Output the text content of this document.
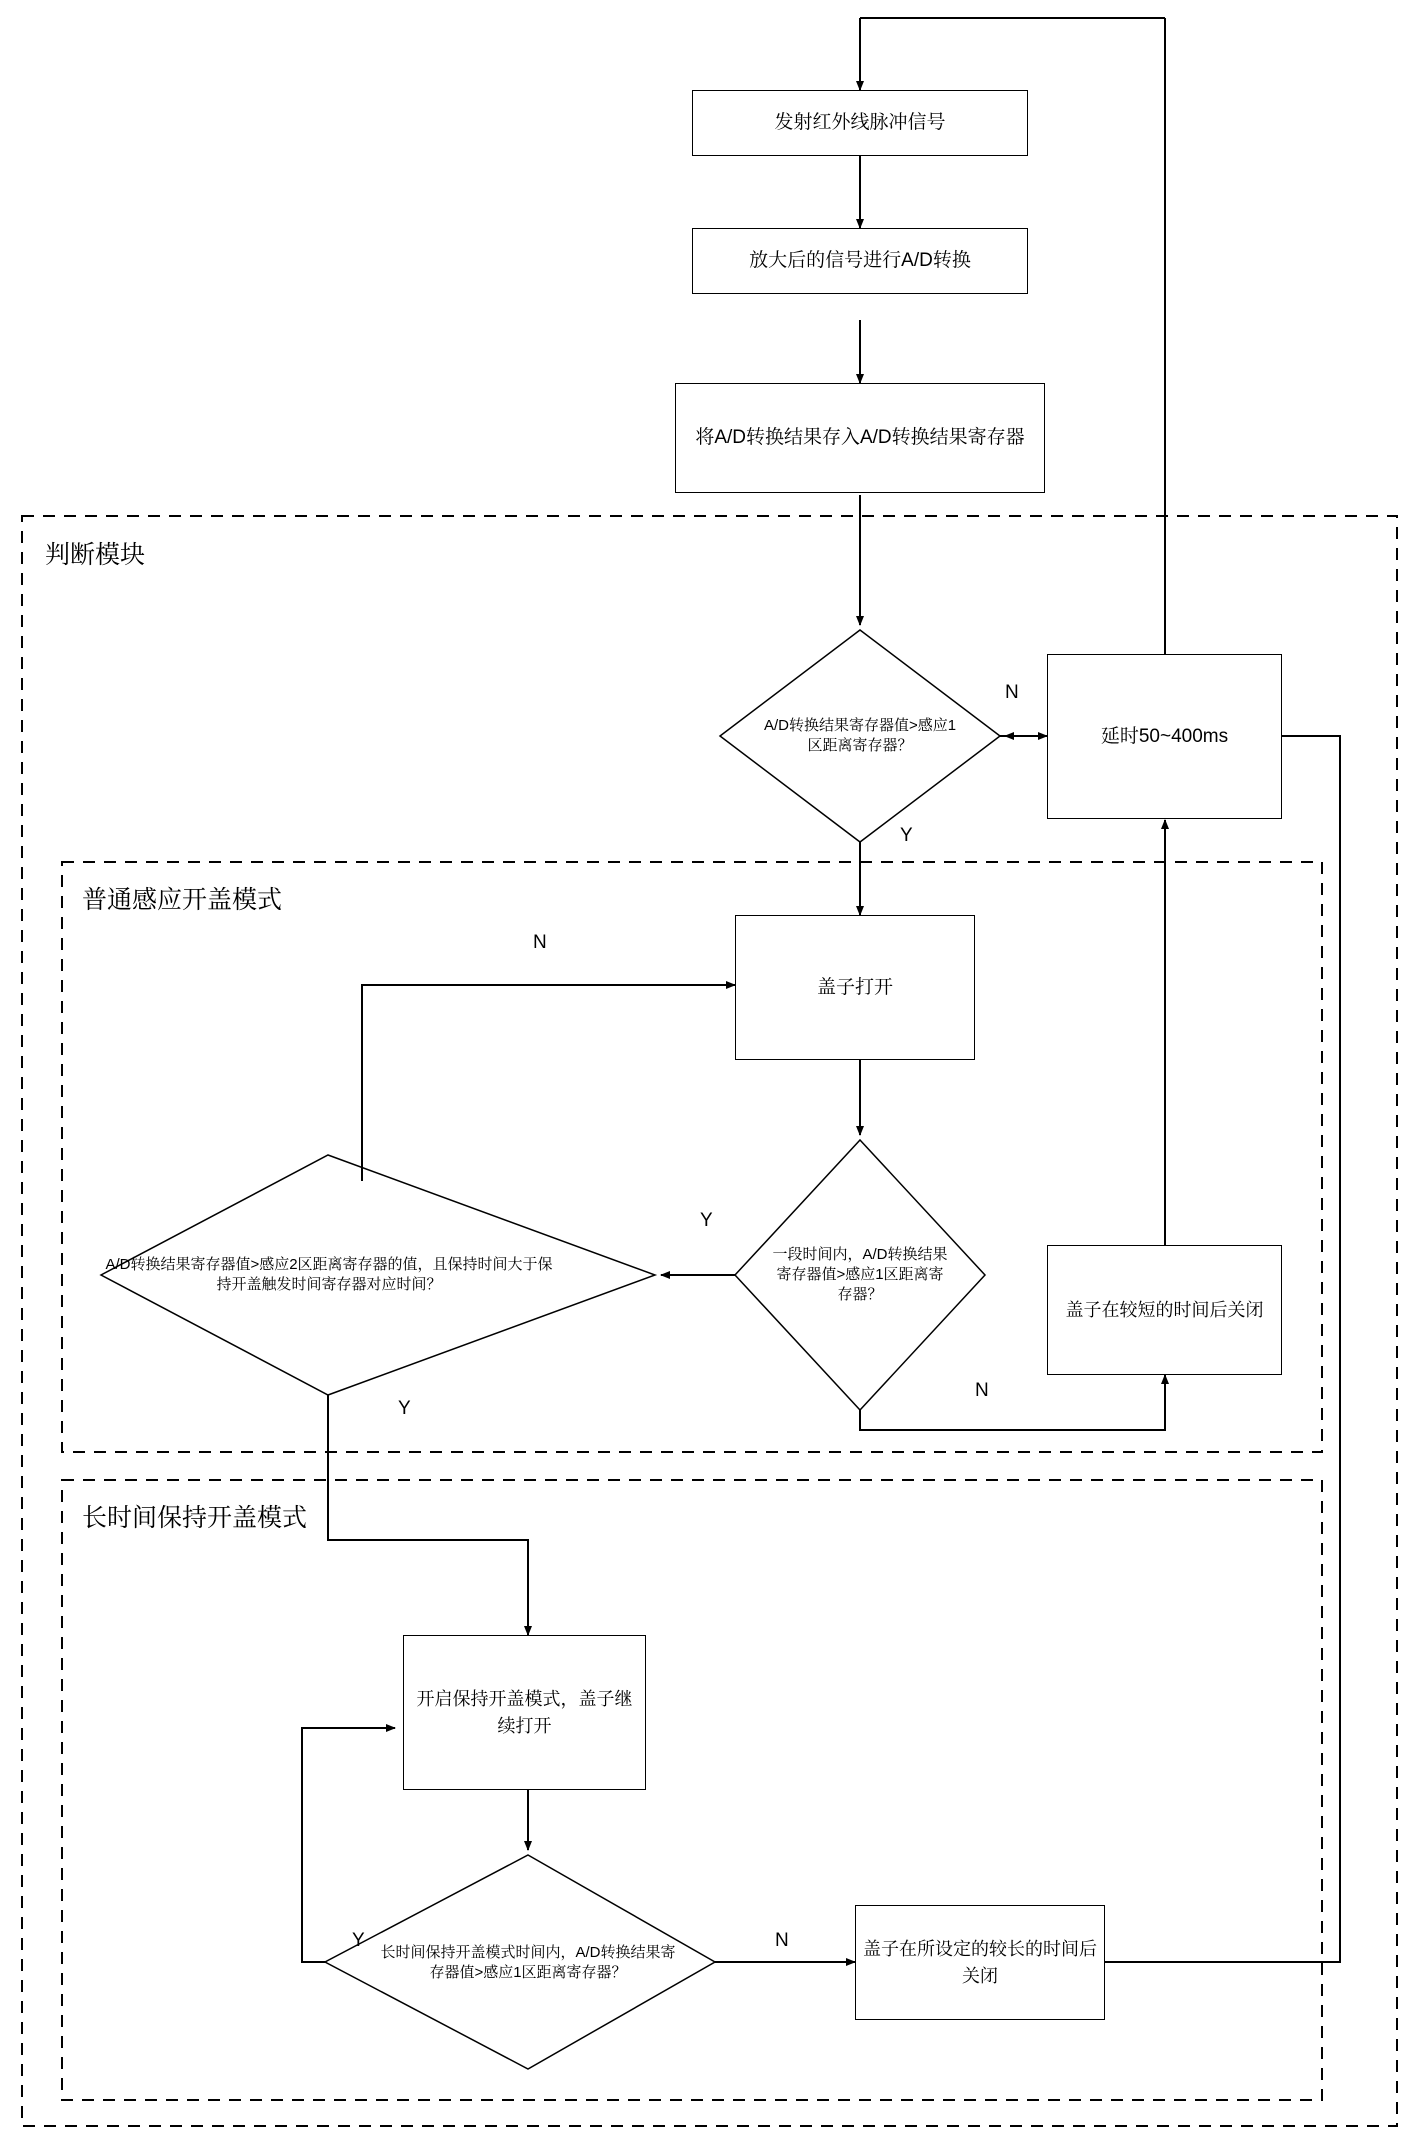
发射红外线脉冲信号
放大后的信号进行A/D转换
将A/D转换结果存入A/D转换结果寄存器
延时50~400ms
盖子打开
盖子在较短的时间后关闭
开启保持开盖模式，盖子继续打开
盖子在所设定的较长的时间后关闭
A/D转换结果寄存器值>感应1区距离寄存器？
一段时间内，A/D转换结果寄存器值>感应1区距离寄存器？
A/D转换结果寄存器值>感应2区距离寄存器的值，且保持时间大于保持开盖触发时间寄存器对应时间？
长时间保持开盖模式时间内，A/D转换结果寄存器值>感应1区距离寄存器？
判断模块
普通感应开盖模式
长时间保持开盖模式
N
Y
Y
N
N
Y
Y	N
